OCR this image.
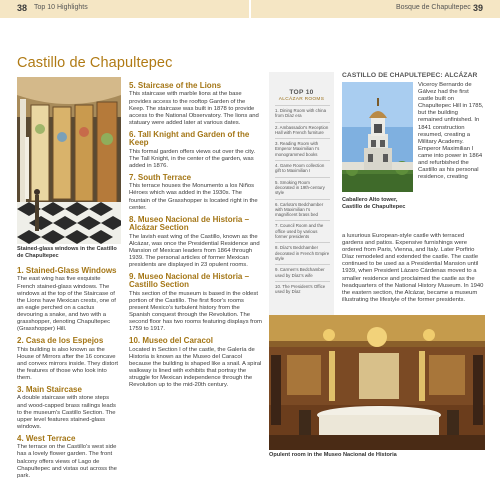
38 Top 10 Highlights	Bosque de Chapultepec 39
Castillo de Chapultepec
Stained-glass windows in the Castillo de Chapultepec
1. Stained-Glass Windows

The east wing has five exquisite French stained-glass windows. The windows at the top of the Staircase of the Lions have Mexican crests, one of an eagle perched on a cactus devouring a snake, and two with a grasshopper, denoting Chapultepec (Grasshopper) Hill.

2. Casa de los Espejos

This building is also known as the House of Mirrors after the 16 concave and convex mirrors inside. They distort the features of those who look into them.

3. Main Staircase

A double staircase with stone steps and wood-capped brass railings leads to the museum's Castillo Section. The upper level features stained-glass windows.

4. West Terrace

The terrace on the Castillo's west side has a lovely flower garden. The front balcony offers views of Lago de Chapultepec and vistas out across the park.

5. Staircase of the Lions

This staircase with marble lions at the base provides access to the rooftop Garden of the Keep. The staircase was built in 1878 to provide access to the National Observatory. The lions and statuary were added later at various dates.

6. Tall Knight and Garden of the Keep

This formal garden offers views out over the city. The Tall Knight, in the center of the garden, was added in 1876.

7. South Terrace

This terrace houses the Monumento a los Niños Héroes which was added in the 1930s. The fountain of the Grasshopper is located right in the center.

8. Museo Nacional de Historia – Alcázar Section

The lavish east wing of the Castillo, known as the Alcázar, was once the Presidential Residence and Mansion of Mexican leaders from 1864 through 1939. The personal articles of former Mexican presidents are displayed in 23 opulent rooms.

9. Museo Nacional de Historia – Castillo Section

This section of the museum is based in the oldest portion of the Castillo. The first floor's rooms present Mexico's turbulent history from the Spanish conquest through the Revolution. The second floor has two rooms featuring displays from 1759 to 1917.

10. Museo del Caracol

Located in Section I of the castle, the Galería de Historia is known as the Museo del Caracol because the building is shaped like a snail. A spiral walkway is lined with exhibits that portray the struggle for Mexican independence through the Revolution up to the mid-20th century.

TOP 10
ALCÁZAR ROOMS
1. Dining Room with china from Díaz era
2. Ambassador's Reception Hall with French furniture
3. Reading Room with Emperor Maximilian I's monogrammed books
4. Game Room collection gift to Maximilian I
5. Smoking Room decorated in 19th-century style
6. Carlota's Bedchamber with Maximilian I's magnificent brass bed
7. Council Room and the office used by various former presidents
8. Díaz's Bedchamber decorated in French Empire style
9. Carmen's Bedchamber used by Díaz's wife
10. The President's Office used by Díaz
CASTILLO DE CHAPULTEPEC: ALCÁZAR
Caballero Alto tower, Castillo de Chapultepec
Viceroy Bernardo de Gálvez had the first castle built on Chapultepec Hill in 1785, but the building remained unfinished. In 1841 construction resumed, creating a Military Academy. Emperor Maximilian I came into power in 1864 and refurbished the Castillo as his personal residence, creating
a luxurious European-style castle with terraced gardens and patios. Expensive furnishings were ordered from Paris, Vienna, and Italy. Later Porfirio Díaz remodeled and extended the castle. The castle continued to be used as a Presidential Mansion until 1939, when President Lázaro Cárdenas moved to a smaller residence and proclaimed the castle as the headquarters of the National History Museum. In 1940 the eastern section, the Alcázar, became a museum illustrating the lifestyle of the former presidents.
Opulent room in the Museo Nacional de Historia
